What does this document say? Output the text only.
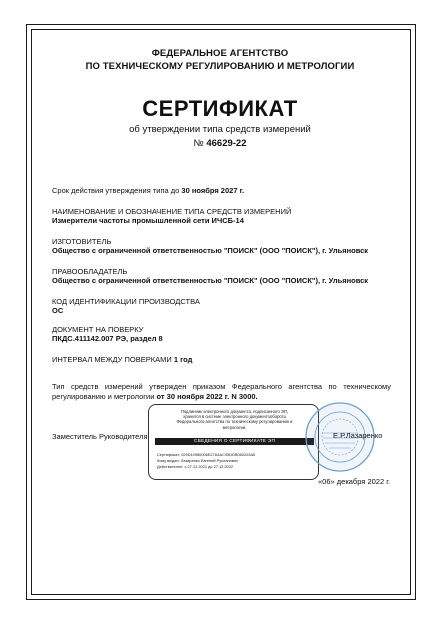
ФЕДЕРАЛЬНОЕ АГЕНТСТВО
ПО ТЕХНИЧЕСКОМУ РЕГУЛИРОВАНИЮ И МЕТРОЛОГИИ
СЕРТИФИКАТ
об утверждении типа средств измерений
№ 46629-22
Срок действия утверждения типа до 30 ноября 2027 г.
НАИМЕНОВАНИЕ И ОБОЗНАЧЕНИЕ ТИПА СРЕДСТВ ИЗМЕРЕНИЙ
Измерители частоты промышленной сети ИЧСБ-14
ИЗГОТОВИТЕЛЬ
Общество с ограниченной ответственностью "ПОИСК" (ООО "ПОИСК"), г. Ульяновск
ПРАВООБЛАДАТЕЛЬ
Общество с ограниченной ответственностью "ПОИСК" (ООО "ПОИСК"), г. Ульяновск
КОД ИДЕНТИФИКАЦИИ ПРОИЗВОДСТВА
ОС
ДОКУМЕНТ НА ПОВЕРКУ
ПКДС.411142.007 РЭ, раздел 8
ИНТЕРВАЛ МЕЖДУ ПОВЕРКАМИ 1 год
Тип средств измерений утвержден приказом Федерального агентства по техническому регулированию и метрологии от 30 ноября 2022 г. N 3000.
Заместитель Руководителя
Подлинник электронного документа, подписанного ЭП,
хранится в системе электронного документооборота
Федерального агентства по техническому регулированию и
метрологии.
СВЕДЕНИЯ О СЕРТИФИКАТЕ ЭП
Сертификат: 029D10980006E27A4AC95DDB060203A5
Кому выдан: Лазаренко Евгений Русланович
Действителен: с 27.12.2021 до 27.12.2022
Е.Р.Лазаренко
«06» декабря 2022 г.
